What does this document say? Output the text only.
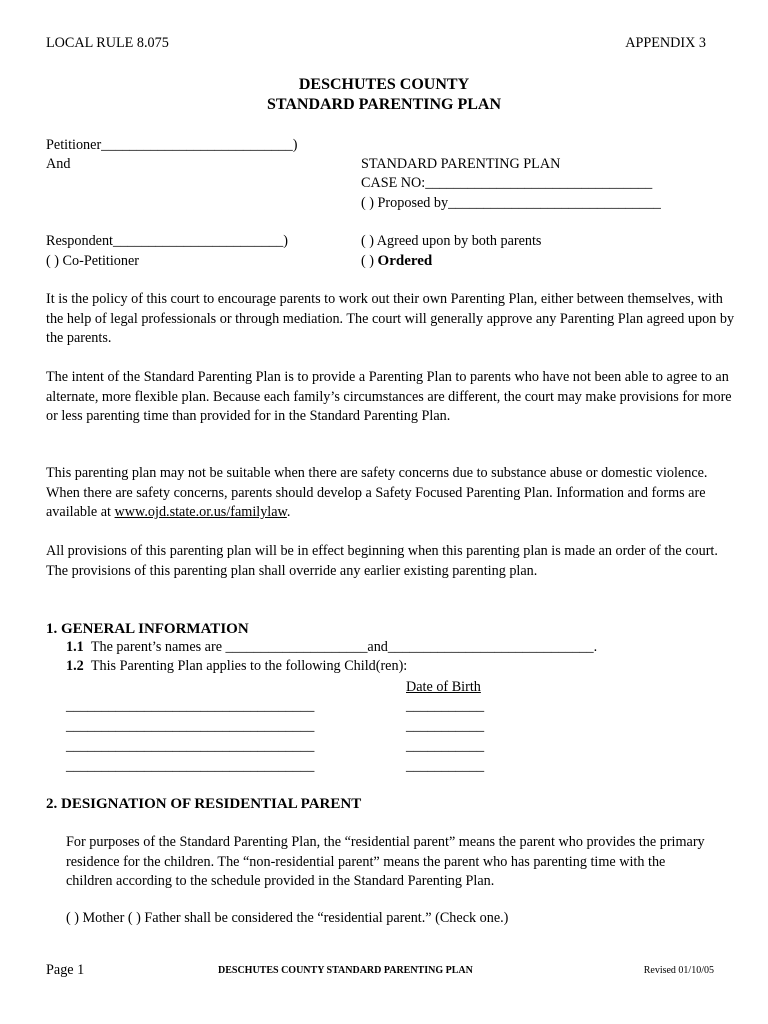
LOCAL RULE 8.075	APPENDIX 3
DESCHUTES COUNTY
STANDARD PARENTING PLAN
Petitioner___________________________)
And	STANDARD PARENTING PLAN
CASE NO:________________________________
( ) Proposed by______________________________
Respondent________________________)
( ) Co-Petitioner
( ) Agreed upon by both parents
( ) Ordered
It is the policy of this court to encourage parents to work out their own Parenting Plan, either between themselves, with the help of legal professionals or through mediation. The court will generally approve any Parenting Plan agreed upon by the parents.
The intent of the Standard Parenting Plan is to provide a Parenting Plan to parents who have not been able to agree to an alternate, more flexible plan. Because each family’s circumstances are different, the court may make provisions for more or less parenting time than provided for in the Standard Parenting Plan.
This parenting plan may not be suitable when there are safety concerns due to substance abuse or domestic violence. When there are safety concerns, parents should develop a Safety Focused Parenting Plan. Information and forms are available at www.ojd.state.or.us/familylaw.
All provisions of this parenting plan will be in effect beginning when this parenting plan is made an order of the court. The provisions of this parenting plan shall override any earlier existing parenting plan.
1. GENERAL INFORMATION
1.1 The parent’s names are ____________________and_____________________________.
1.2 This Parenting Plan applies to the following Child(ren):
Date of Birth
___________________________________	___________
___________________________________	___________
___________________________________	___________
___________________________________	___________
2. DESIGNATION OF RESIDENTIAL PARENT
For purposes of the Standard Parenting Plan, the “residential parent” means the parent who provides the primary residence for the children. The “non-residential parent” means the parent who has parenting time with the children according to the schedule provided in the Standard Parenting Plan.
( ) Mother ( ) Father shall be considered the “residential parent.” (Check one.)
Page 1	DESCHUTES COUNTY STANDARD PARENTING PLAN	Revised 01/10/05
